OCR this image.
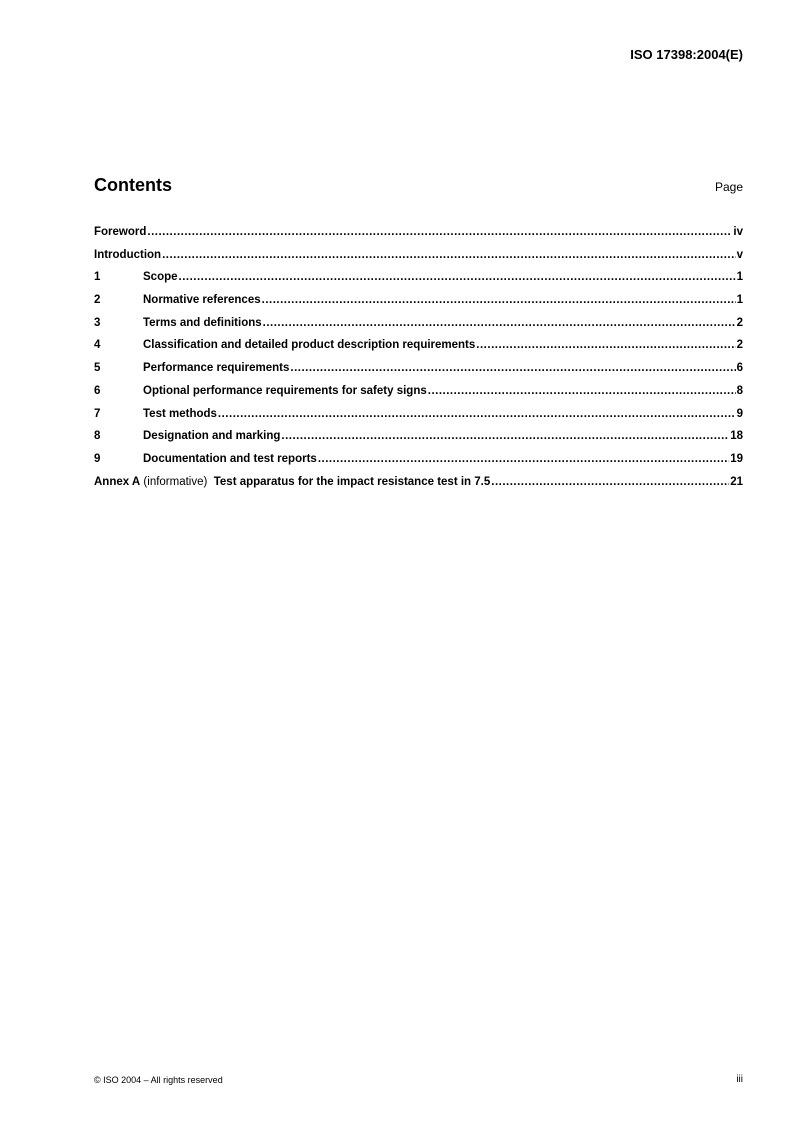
ISO 17398:2004(E)
Contents	Page
Foreword .....	iv
Introduction .....	v
1	Scope .....	1
2	Normative references .....	1
3	Terms and definitions .....	2
4	Classification and detailed product description requirements .....	2
5	Performance requirements .....	6
6	Optional performance requirements for safety signs .....	8
7	Test methods .....	9
8	Designation and marking .....	18
9	Documentation and test reports .....	19
Annex A (informative)  Test apparatus for the impact resistance test in 7.5 .....	21
© ISO 2004 – All rights reserved	iii
